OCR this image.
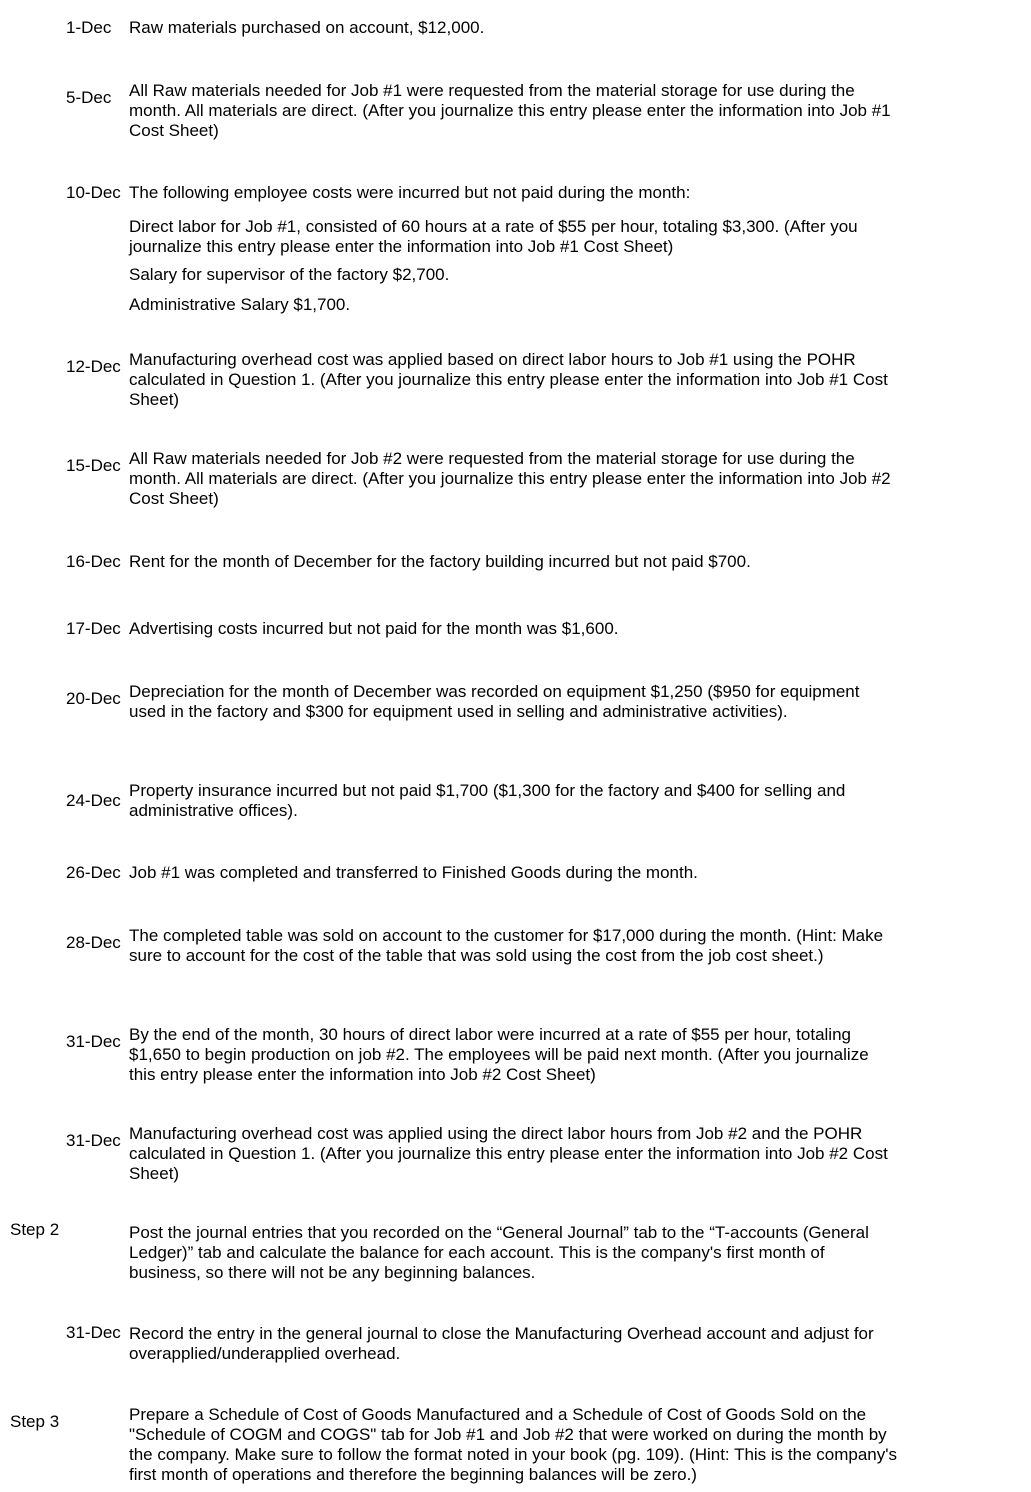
1-Dec Raw materials purchased on account, $12,000.
5-Dec All Raw materials needed for Job #1 were requested from the material storage for use during the month. All materials are direct. (After you journalize this entry please enter the information into Job #1 Cost Sheet)
10-Dec The following employee costs were incurred but not paid during the month:
Direct labor for Job #1, consisted of 60 hours at a rate of $55 per hour, totaling $3,300. (After you journalize this entry please enter the information into Job #1 Cost Sheet)
Salary for supervisor of the factory $2,700.
Administrative Salary $1,700.
12-Dec Manufacturing overhead cost was applied based on direct labor hours to Job #1 using the POHR calculated in Question 1. (After you journalize this entry please enter the information into Job #1 Cost Sheet)
15-Dec All Raw materials needed for Job #2 were requested from the material storage for use during the month. All materials are direct. (After you journalize this entry please enter the information into Job #2 Cost Sheet)
16-Dec Rent for the month of December for the factory building incurred but not paid $700.
17-Dec Advertising costs incurred but not paid for the month was $1,600.
20-Dec Depreciation for the month of December was recorded on equipment $1,250 ($950 for equipment used in the factory and $300 for equipment used in selling and administrative activities).
24-Dec
Property insurance incurred but not paid $1,700 ($1,300 for the factory and $400 for selling and administrative offices).
26-Dec Job #1 was completed and transferred to Finished Goods during the month.
28-Dec The completed table was sold on account to the customer for $17,000 during the month. (Hint: Make sure to account for the cost of the table that was sold using the cost from the job cost sheet.)
31-Dec By the end of the month, 30 hours of direct labor were incurred at a rate of $55 per hour, totaling $1,650 to begin production on job #2. The employees will be paid next month. (After you journalize this entry please enter the information into Job #2 Cost Sheet)
31-Dec Manufacturing overhead cost was applied using the direct labor hours from Job #2 and the POHR calculated in Question 1. (After you journalize this entry please enter the information into Job #2 Cost Sheet)
Step 2	Post the journal entries that you recorded on the “General Journal” tab to the “T-accounts (General Ledger)” tab and calculate the balance for each account. This is the company's first month of business, so there will not be any beginning balances.
31-Dec Record the entry in the general journal to close the Manufacturing Overhead account and adjust for overapplied/underapplied overhead.
Step 3	Prepare a Schedule of Cost of Goods Manufactured and a Schedule of Cost of Goods Sold on the "Schedule of COGM and COGS" tab for Job #1 and Job #2 that were worked on during the month by the company. Make sure to follow the format noted in your book (pg. 109). (Hint: This is the company's first month of operations and therefore the beginning balances will be zero.)
